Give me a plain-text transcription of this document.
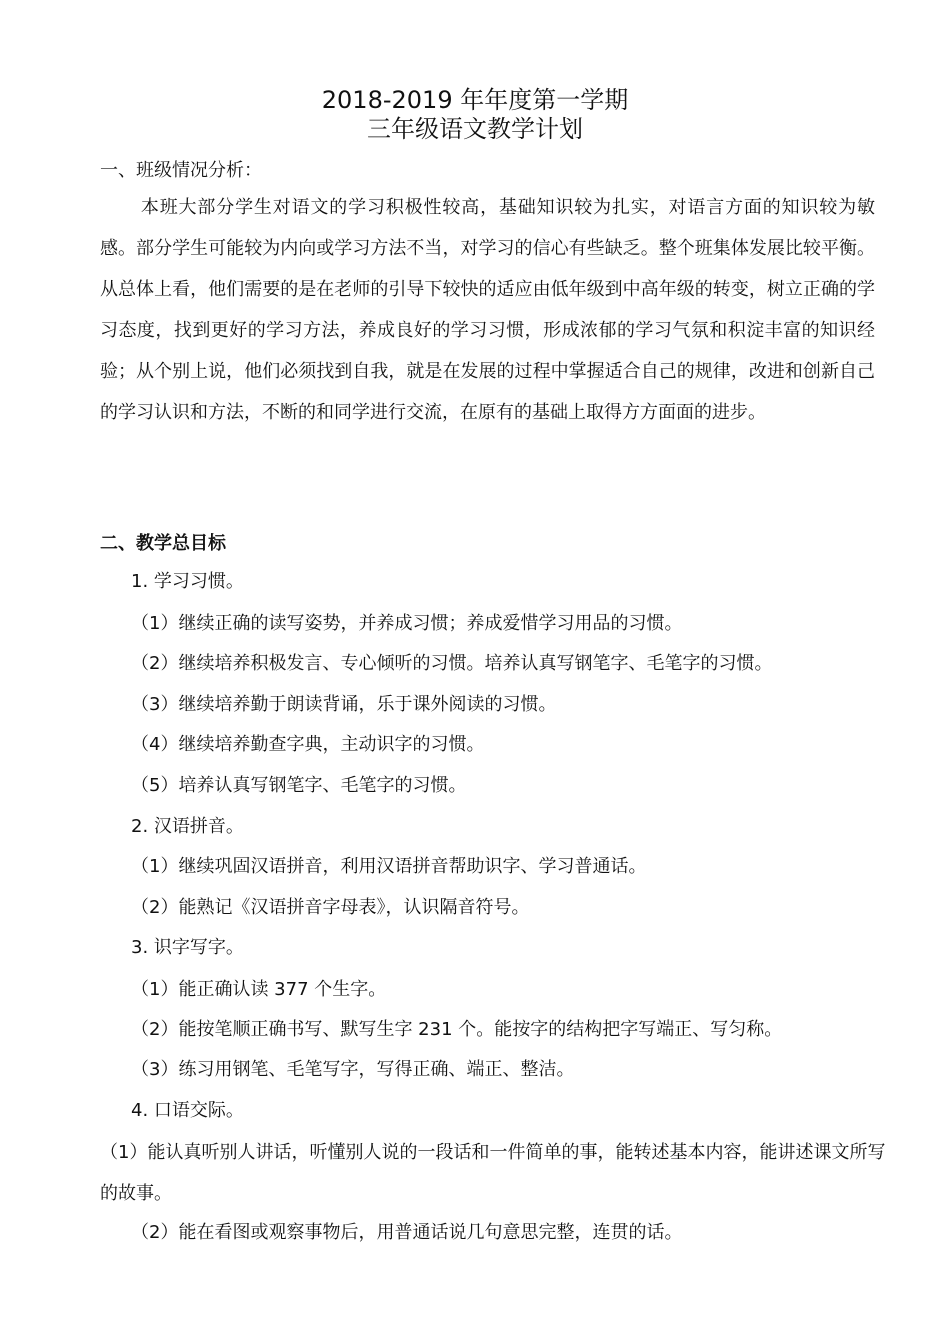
2018-2019 年年度第一学期
三年级语文教学计划
一、班级情况分析：
本班大部分学生对语文的学习积极性较高，基础知识较为扎实，对语言方面的知识较为敏感。部分学生可能较为内向或学习方法不当，对学习的信心有些缺乏。整个班集体发展比较平衡。从总体上看，他们需要的是在老师的引导下较快的适应由低年级到中高年级的转变，树立正确的学习态度，找到更好的学习方法，养成良好的学习习惯，形成浓郁的学习气氛和积淀丰富的知识经验；从个别上说，他们必须找到自我，就是在发展的过程中掌握适合自己的规律，改进和创新自己的学习认识和方法，不断的和同学进行交流，在原有的基础上取得方方面面的进步。
二、教学总目标
1. 学习习惯。
（1）继续正确的读写姿势，并养成习惯；养成爱惜学习用品的习惯。
（2）继续培养积极发言、专心倾听的习惯。培养认真写钢笔字、毛笔字的习惯。
（3）继续培养勤于朗读背诵，乐于课外阅读的习惯。
（4）继续培养勤查字典，主动识字的习惯。
（5）培养认真写钢笔字、毛笔字的习惯。
2. 汉语拼音。
（1）继续巩固汉语拼音，利用汉语拼音帮助识字、学习普通话。
（2）能熟记《汉语拼音字母表》，认识隔音符号。
3. 识字写字。
（1）能正确认读 377 个生字。
（2）能按笔顺正确书写、默写生字 231 个。能按字的结构把字写端正、写匀称。
（3）练习用钢笔、毛笔写字，写得正确、端正、整洁。
4. 口语交际。
（1）能认真听别人讲话，听懂别人说的一段话和一件简单的事，能转述基本内容，能讲述课文所写的故事。
（2）能在看图或观察事物后，用普通话说几句意思完整，连贯的话。
